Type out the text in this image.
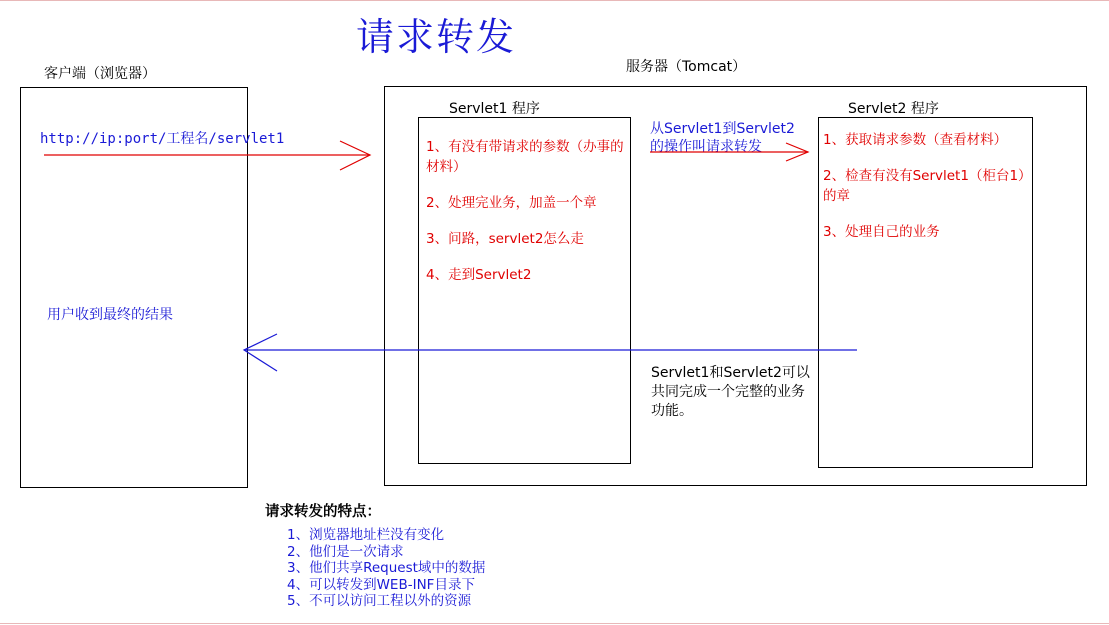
请求转发
客户端（浏览器）
http://ip:port/工程名/servlet1
用户收到最终的结果
服务器（Tomcat）
Servlet1 程序
1、有没有带请求的参数（办事的材料）
2、处理完业务，加盖一个章
3、问路，servlet2怎么走
4、走到Servlet2
从Servlet1到Servlet2的操作叫请求转发
Servlet2 程序
1、获取请求参数（查看材料）
2、检查有没有Servlet1（柜台1）的章
3、处理自己的业务
Servlet1和Servlet2可以共同完成一个完整的业务功能。
请求转发的特点：
1、浏览器地址栏没有变化
2、他们是一次请求
3、他们共享Request域中的数据
4、可以转发到WEB-INF目录下
5、不可以访问工程以外的资源
